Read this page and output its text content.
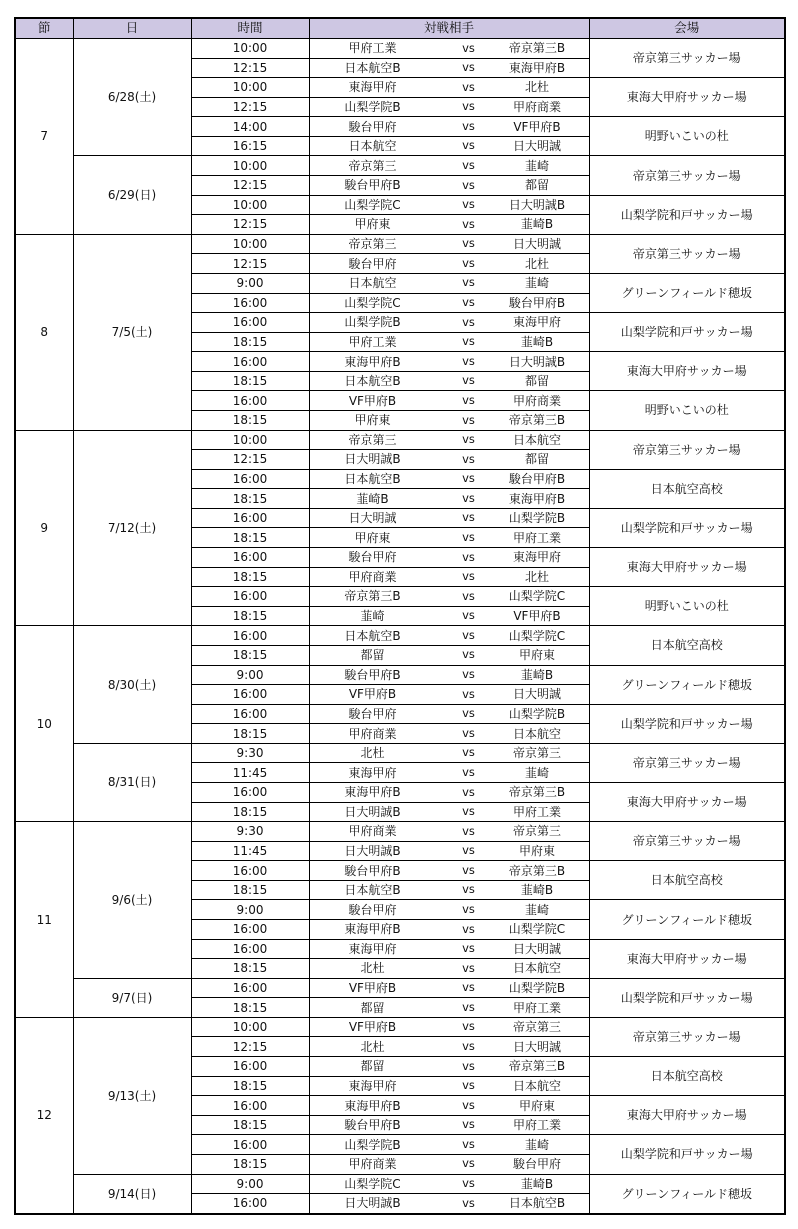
節	日	時間	対戦相手	会場
7	6/28(土)	10:00	甲府工業 vs 帝京第三B	帝京第三サッカー場
		12:15	日本航空B vs 東海甲府B	

		10:00	東海甲府 vs 北杜	東海大甲府サッカー場
		12:15	山梨学院B vs 甲府商業	

		14:00	駿台甲府 vs VF甲府B	明野いこいの杜
		16:15	日本航空 vs 日大明誠	

	6/29(日)	10:00	帝京第三 vs 韮崎	帝京第三サッカー場
		12:15	駿台甲府B vs 都留	

		10:00	山梨学院C vs 日大明誠B	山梨学院和戸サッカー場
		12:15	甲府東 vs 韮崎B	

8	7/5(土)	10:00	帝京第三 vs 日大明誠	帝京第三サッカー場
		12:15	駿台甲府 vs 北杜	

		9:00	日本航空 vs 韮崎	グリーンフィールド穂坂
		16:00	山梨学院C vs 駿台甲府B	

		16:00	山梨学院B vs 東海甲府	山梨学院和戸サッカー場
		18:15	甲府工業 vs 韮崎B	

		16:00	東海甲府B vs 日大明誠B	東海大甲府サッカー場
		18:15	日本航空B vs 都留	

		16:00	VF甲府B vs 甲府商業	明野いこいの杜
		18:15	甲府東 vs 帝京第三B	

9	7/12(土)	10:00	帝京第三 vs 日本航空	帝京第三サッカー場
		12:15	日大明誠B vs 都留	

		16:00	日本航空B vs 駿台甲府B	日本航空高校
		18:15	韮崎B vs 東海甲府B	

		16:00	日大明誠 vs 山梨学院B	山梨学院和戸サッカー場
		18:15	甲府東 vs 甲府工業	

		16:00	駿台甲府 vs 東海甲府	東海大甲府サッカー場
		18:15	甲府商業 vs 北杜	

		16:00	帝京第三B vs 山梨学院C	明野いこいの杜
		18:15	韮崎 vs VF甲府B	

10	8/30(土)	16:00	日本航空B vs 山梨学院C	日本航空高校
		18:15	都留 vs 甲府東	

		9:00	駿台甲府B vs 韮崎B	グリーンフィールド穂坂
		16:00	VF甲府B vs 日大明誠	

		16:00	駿台甲府 vs 山梨学院B	山梨学院和戸サッカー場
		18:15	甲府商業 vs 日本航空	

	8/31(日)	9:30	北杜 vs 帝京第三	帝京第三サッカー場
		11:45	東海甲府 vs 韮崎	

		16:00	東海甲府B vs 帝京第三B	東海大甲府サッカー場
		18:15	日大明誠B vs 甲府工業	

11	9/6(土)	9:30	甲府商業 vs 帝京第三	帝京第三サッカー場
		11:45	日大明誠B vs 甲府東	

		16:00	駿台甲府B vs 帝京第三B	日本航空高校
		18:15	日本航空B vs 韮崎B	

		9:00	駿台甲府 vs 韮崎	グリーンフィールド穂坂
		16:00	東海甲府B vs 山梨学院C	

		16:00	東海甲府 vs 日大明誠	東海大甲府サッカー場
		18:15	北杜 vs 日本航空	

	9/7(日)	16:00	VF甲府B vs 山梨学院B	山梨学院和戸サッカー場
		18:15	都留 vs 甲府工業	

12	9/13(土)	10:00	VF甲府B vs 帝京第三	帝京第三サッカー場
		12:15	北杜 vs 日大明誠	

		16:00	都留 vs 帝京第三B	日本航空高校
		18:15	東海甲府 vs 日本航空	

		16:00	東海甲府B vs 甲府東	東海大甲府サッカー場
		18:15	駿台甲府B vs 甲府工業	

		16:00	山梨学院B vs 韮崎	山梨学院和戸サッカー場
		18:15	甲府商業 vs 駿台甲府	

	9/14(日)	9:00	山梨学院C vs 韮崎B	グリーンフィールド穂坂
		16:00	日大明誠B vs 日本航空B	
